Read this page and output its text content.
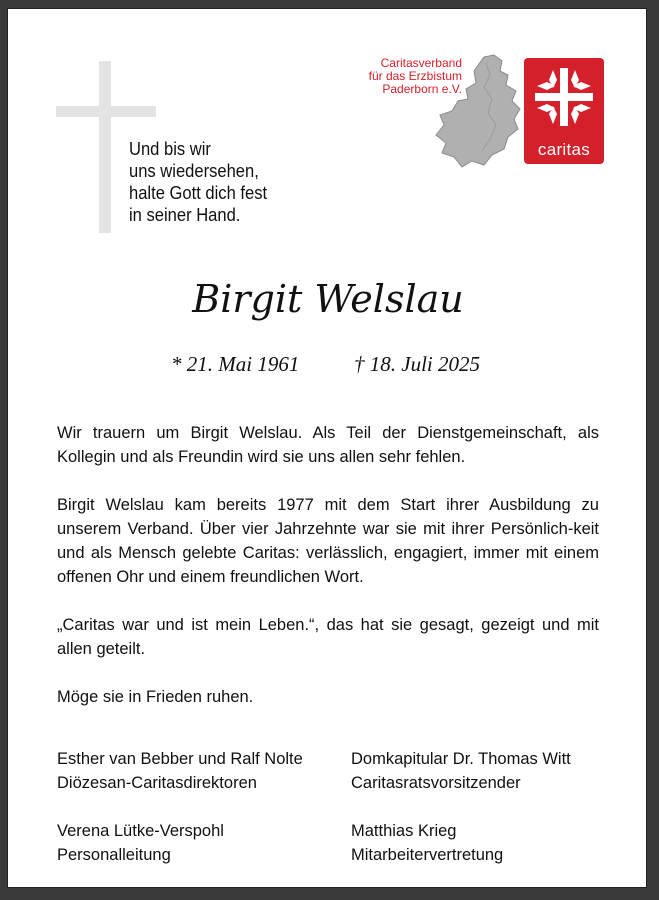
Und bis wir
uns wiedersehen,
halte Gott dich fest
in seiner Hand.
Caritasverband
für das Erzbistum
Paderborn e.V.
caritas
Birgit Welslau
* 21. Mai 1961	† 18. Juli 2025
Wir trauern um Birgit Welslau. Als Teil der Dienstgemeinschaft, als Kollegin und als Freundin wird sie uns allen sehr fehlen.
Birgit Welslau kam bereits 1977 mit dem Start ihrer Ausbildung zu unserem Verband. Über vier Jahrzehnte war sie mit ihrer Persönlich-keit und als Mensch gelebte Caritas: verlässlich, engagiert, immer mit einem offenen Ohr und einem freundlichen Wort.
„Caritas war und ist mein Leben.“, das hat sie gesagt, gezeigt und mit allen geteilt.
Möge sie in Frieden ruhen.
Esther van Bebber und Ralf Nolte
Diözesan-Caritasdirektoren
Domkapitular Dr. Thomas Witt
Caritasratsvorsitzender
Verena Lütke-Verspohl
Personalleitung
Matthias Krieg
Mitarbeitervertretung
